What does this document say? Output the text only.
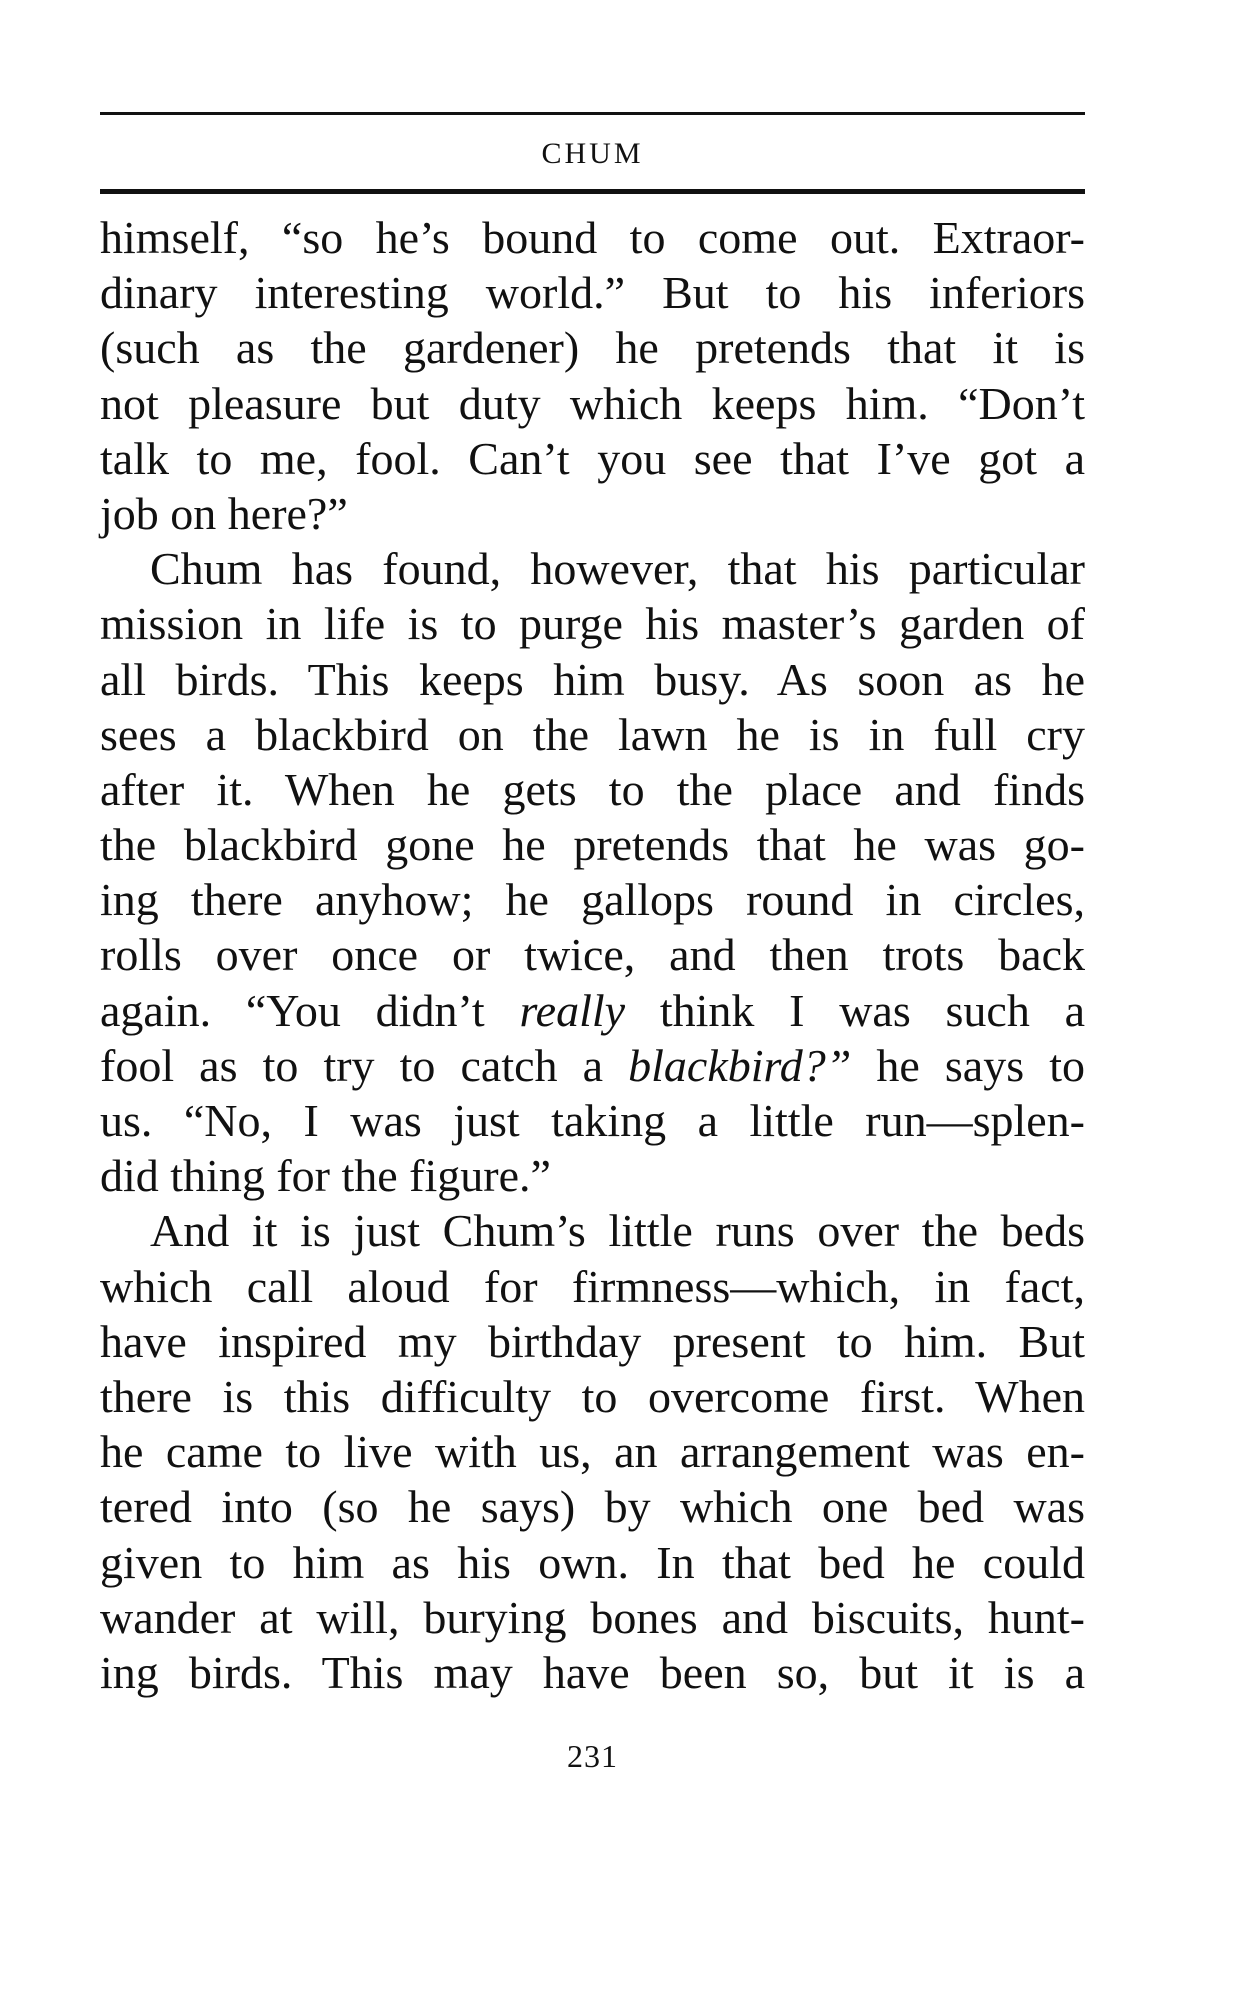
CHUM
himself, “so he’s bound to come out. Extraor-
dinary interesting world.” But to his inferiors
(such as the gardener) he pretends that it is
not pleasure but duty which keeps him. “Don’t
talk to me, fool. Can’t you see that I’ve got a
job on here?”
Chum has found, however, that his particular
mission in life is to purge his master’s garden of
all birds. This keeps him busy. As soon as he
sees a blackbird on the lawn he is in full cry
after it. When he gets to the place and finds
the blackbird gone he pretends that he was go-
ing there anyhow; he gallops round in circles,
rolls over once or twice, and then trots back
again. “You didn’t really think I was such a
fool as to try to catch a blackbird?” he says to
us. “No, I was just taking a little run—splen-
did thing for the figure.”
And it is just Chum’s little runs over the beds
which call aloud for firmness—which, in fact,
have inspired my birthday present to him. But
there is this difficulty to overcome first. When
he came to live with us, an arrangement was en-
tered into (so he says) by which one bed was
given to him as his own. In that bed he could
wander at will, burying bones and biscuits, hunt-
ing birds. This may have been so, but it is a
231
